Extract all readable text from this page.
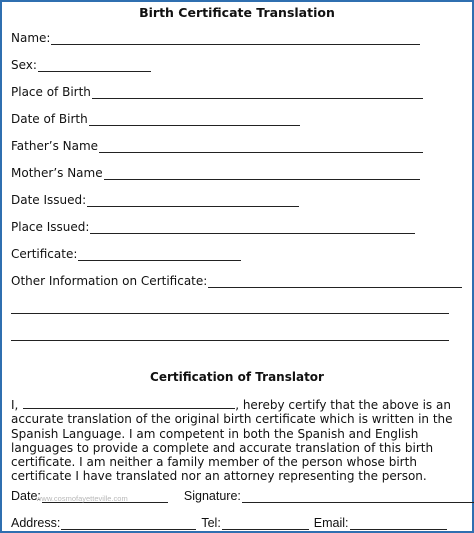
Birth Certificate Translation
Name:
Sex:
Place of Birth
Date of Birth
Father’s Name
Mother’s Name
Date Issued:
Place Issued:
Certificate:
Other Information on Certificate:
Certification of Translator
I,	, hereby certify that the above is an accurate translation of the original birth certificate which is written in the Spanish Language. I am competent in both the Spanish and English languages to provide a complete and accurate translation of this birth certificate. I am neither a family member of the person whose birth certificate I have translated nor an attorney representing the person.
Date:	Signature:
www.cosmofayetteville.com
Address:	Tel:	Email:
